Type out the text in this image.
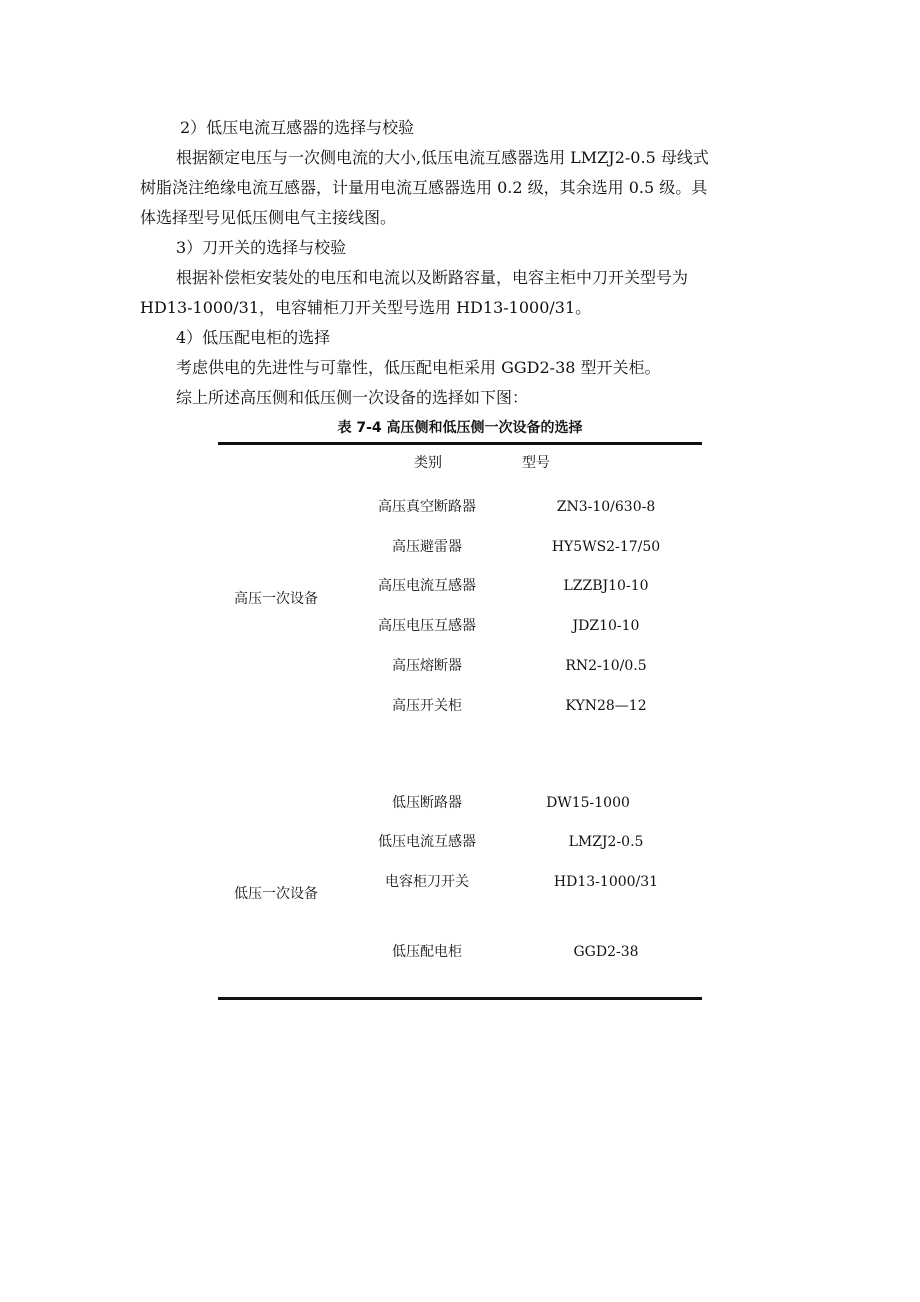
2）低压电流互感器的选择与校验
根据额定电压与一次侧电流的大小,低压电流互感器选用 LMZJ2-0.5 母线式
树脂浇注绝缘电流互感器，计量用电流互感器选用 0.2 级，其余选用 0.5 级。具
体选择型号见低压侧电气主接线图。
3）刀开关的选择与校验
根据补偿柜安装处的电压和电流以及断路容量，电容主柜中刀开关型号为
HD13-1000/31，电容辅柜刀开关型号选用 HD13-1000/31。
4）低压配电柜的选择
考虑供电的先进性与可靠性，低压配电柜采用 GGD2-38 型开关柜。
综上所述高压侧和低压侧一次设备的选择如下图：
表 7-4 高压侧和低压侧一次设备的选择
类别	型号
高压一次设备
高压真空断路器	ZN3-10/630-8
高压避雷器	HY5WS2-17/50
高压电流互感器	LZZBJ10-10
高压电压互感器	JDZ10-10
高压熔断器	RN2-10/0.5
高压开关柜	KYN28—12
低压一次设备
低压断路器	DW15-1000
低压电流互感器	LMZJ2-0.5
电容柜刀开关	HD13-1000/31
低压配电柜	GGD2-38
